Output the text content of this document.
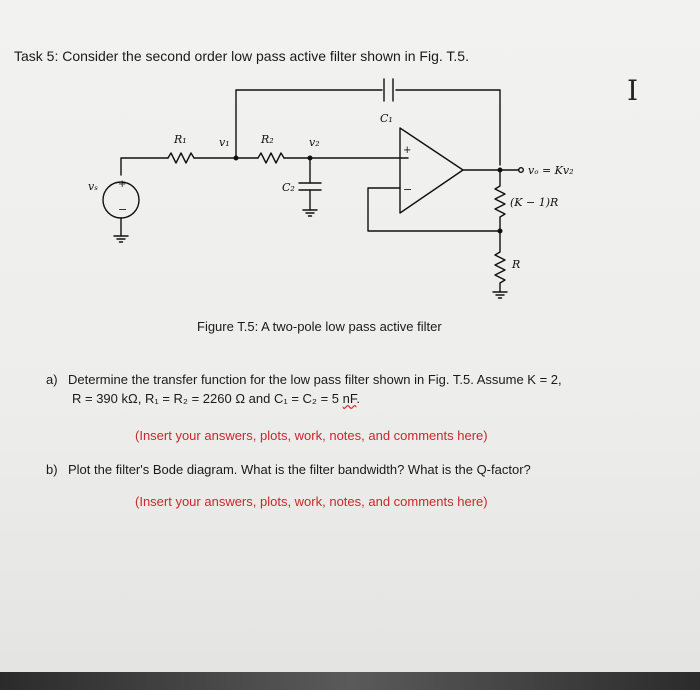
Task 5: Consider the second order low pass active filter shown in Fig. T.5.
I
C₁
R₁	v₁	R₂	v₂
C₂
vₛ +
−
+
−
vₒ = Kv₂
(K − 1)R
R
Figure T.5: A two-pole low pass active filter
a) Determine the transfer function for the low pass filter shown in Fig. T.5. Assume K = 2,
R = 390 kΩ, R₁ = R₂ = 2260 Ω and C₁ = C₂ = 5 nF.
(Insert your answers, plots, work, notes, and comments here)
b) Plot the filter's Bode diagram. What is the filter bandwidth? What is the Q-factor?
(Insert your answers, plots, work, notes, and comments here)
